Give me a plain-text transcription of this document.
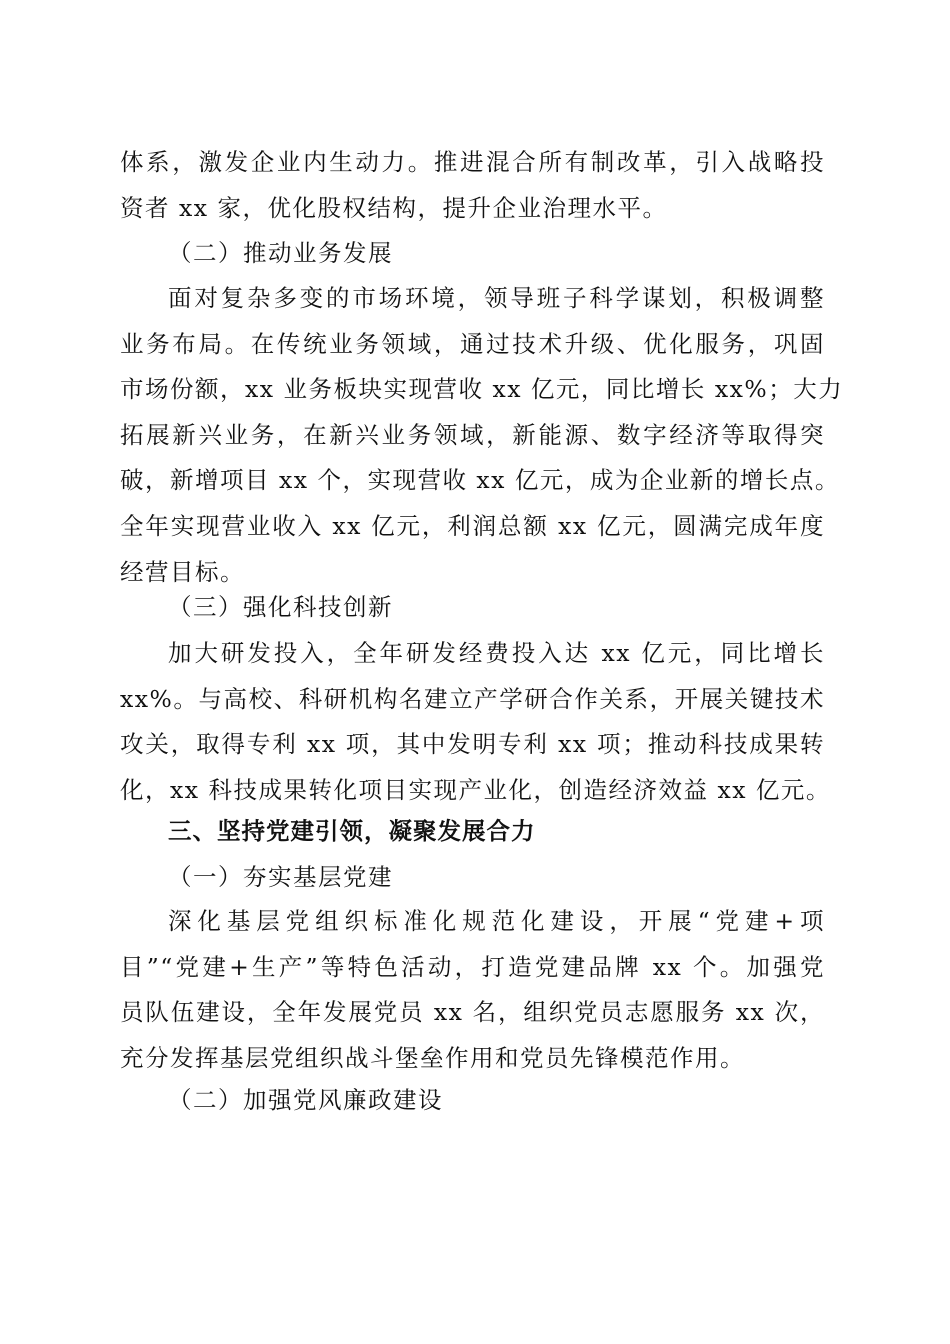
体系，激发企业内生动力。推进混合所有制改革，引入战略投
资者 xx 家，优化股权结构，提升企业治理水平。
（二）推动业务发展
面对复杂多变的市场环境，领导班子科学谋划，积极调整
业务布局。在传统业务领域，通过技术升级、优化服务，巩固
市场份额，xx 业务板块实现营收 xx 亿元，同比增长 xx%；大力
拓展新兴业务，在新兴业务领域，新能源、数字经济等取得突
破，新增项目 xx 个，实现营收 xx 亿元，成为企业新的增长点。
全年实现营业收入 xx 亿元，利润总额 xx 亿元，圆满完成年度
经营目标。
（三）强化科技创新
加大研发投入，全年研发经费投入达 xx 亿元，同比增长
xx%。与高校、科研机构名建立产学研合作关系，开展关键技术
攻关，取得专利 xx 项，其中发明专利 xx 项；推动科技成果转
化，xx 科技成果转化项目实现产业化，创造经济效益 xx 亿元。
三、坚持党建引领，凝聚发展合力
（一）夯实基层党建
深化基层党组织标准化规范化建设，开展“党建+项
目”“党建+生产”等特色活动，打造党建品牌 xx 个。加强党
员队伍建设，全年发展党员 xx 名，组织党员志愿服务 xx 次，
充分发挥基层党组织战斗堡垒作用和党员先锋模范作用。
（二）加强党风廉政建设
